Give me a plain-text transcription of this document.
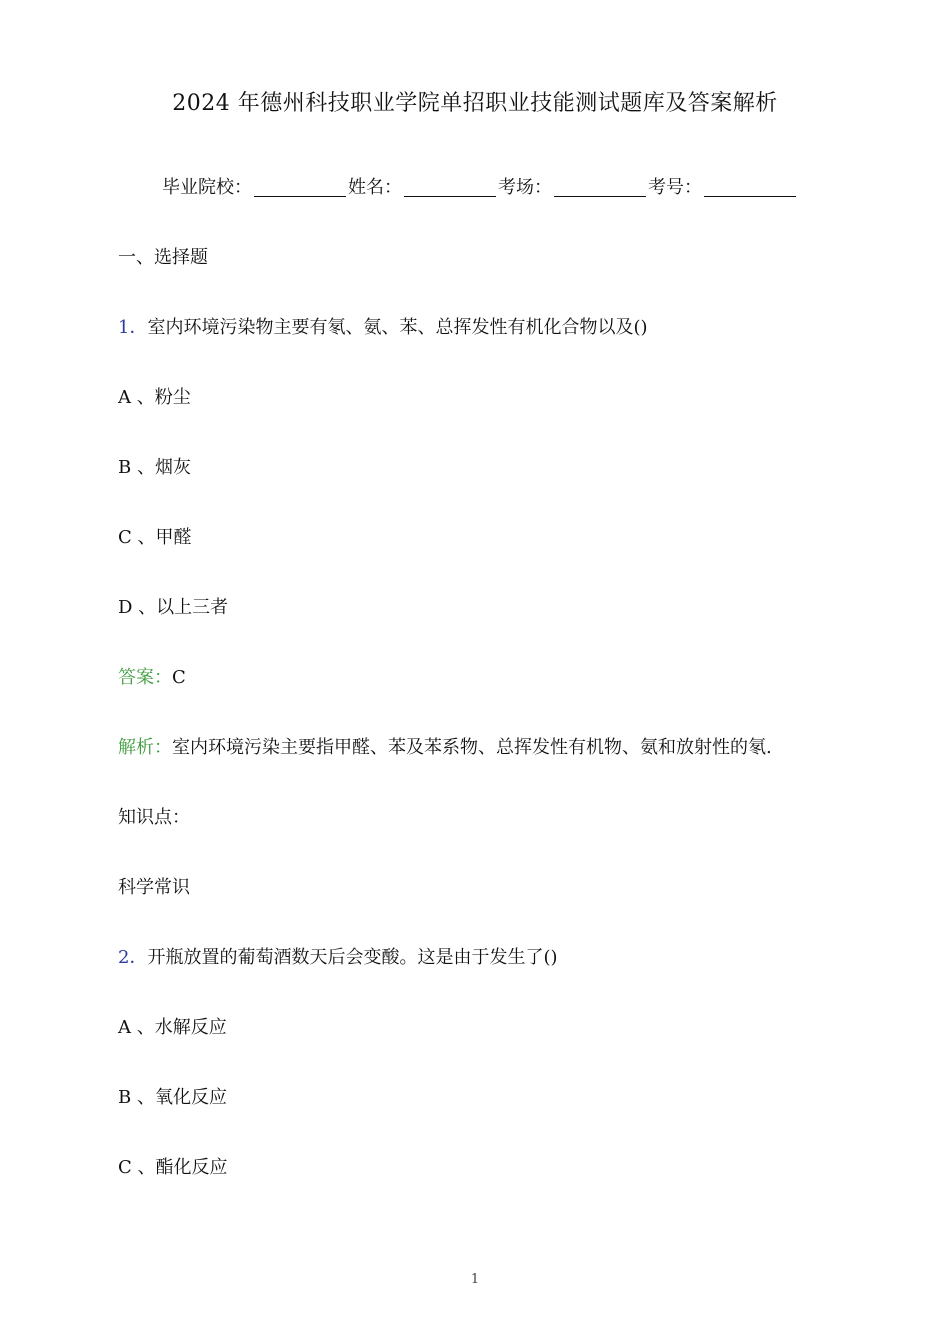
2024 年德州科技职业学院单招职业技能测试题库及答案解析
毕业院校：	姓名：	考场：	考号：
一、选择题
1．室内环境污染物主要有氡、氨、苯、总挥发性有机化合物以及()
A 、粉尘
B 、烟灰
C 、甲醛
D 、以上三者
答案：C
解析：室内环境污染主要指甲醛、苯及苯系物、总挥发性有机物、氨和放射性的氡.
知识点：
科学常识
2．开瓶放置的葡萄酒数天后会变酸。这是由于发生了()
A 、水解反应
B 、氧化反应
C 、酯化反应
1
